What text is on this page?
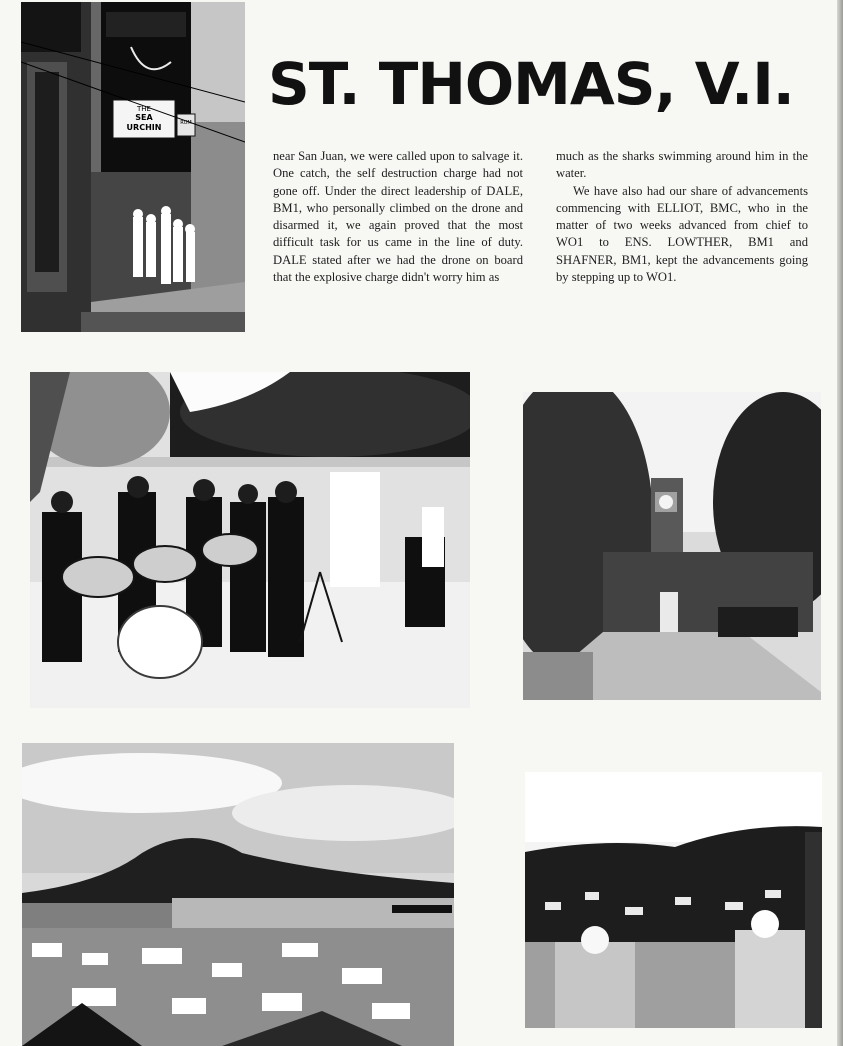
THE
SEA
URCHIN	RUM
ST. THOMAS, V.I.

near San Juan, we were called upon to salvage it. One catch, the self destruction charge had not gone off. Under the direct leadership of DALE, BM1, who personally climbed on the drone and disarmed it, we again proved that the most difficult task for us came in the line of duty. DALE stated after we had the drone on board that the explosive charge didn't worry him as

much as the sharks swimming around him in the water.

We have also had our share of advancements commencing with ELLIOT, BMC, who in the matter of two weeks advanced from chief to WO1 to ENS. LOWTHER, BM1 and SHAFNER, BM1, kept the advancements going by stepping up to WO1.
